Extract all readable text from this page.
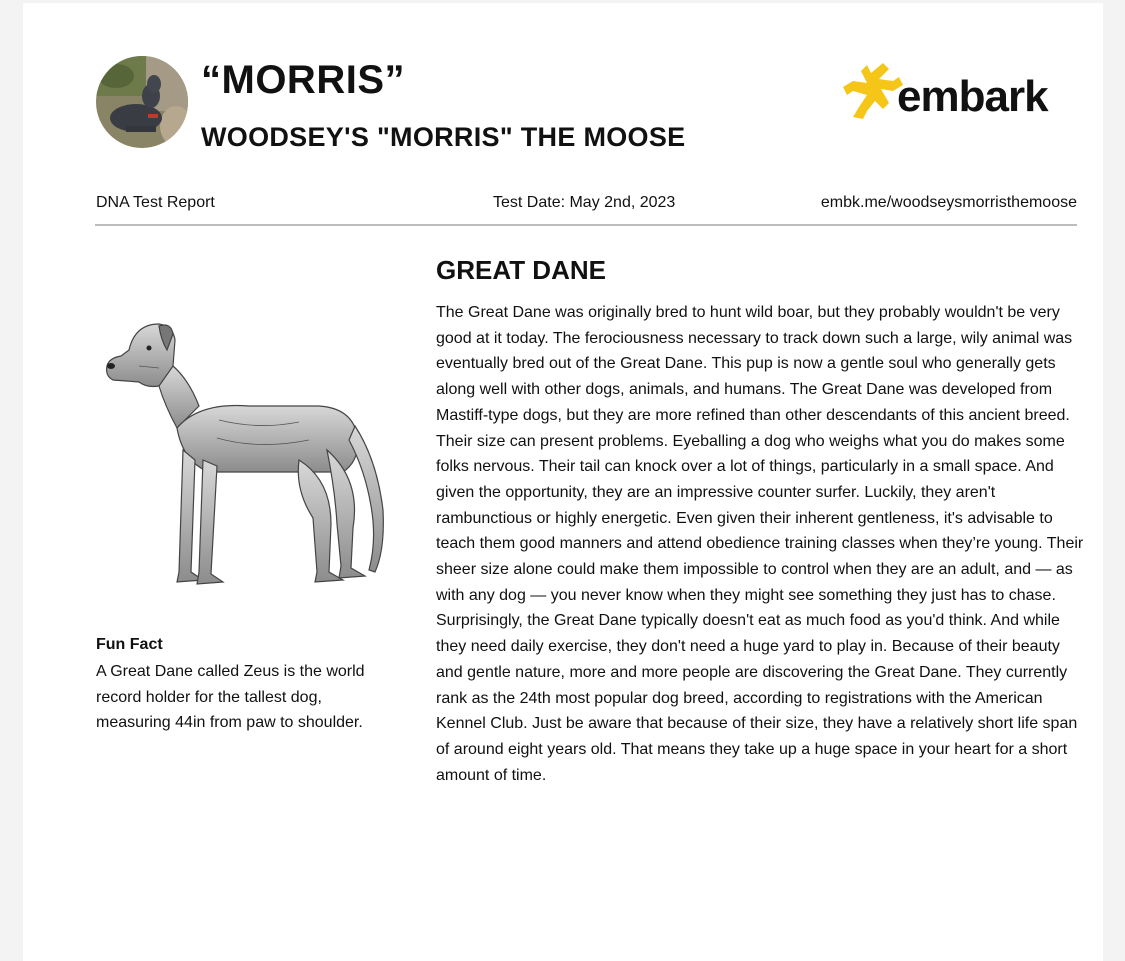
“MORRIS”
WOODSEY'S "MORRIS" THE MOOSE
embark
DNA Test Report	Test Date: May 2nd, 2023	embk.me/woodseysmorristhemoose
Fun Fact
A Great Dane called Zeus is the world record holder for the tallest dog, measuring 44in from paw to shoulder.
GREAT DANE
The Great Dane was originally bred to hunt wild boar, but they probably wouldn't be very good at it today. The ferociousness necessary to track down such a large, wily animal was eventually bred out of the Great Dane. This pup is now a gentle soul who generally gets along well with other dogs, animals, and humans. The Great Dane was developed from Mastiff-type dogs, but they are more refined than other descendants of this ancient breed. Their size can present problems. Eyeballing a dog who weighs what you do makes some folks nervous. Their tail can knock over a lot of things, particularly in a small space. And given the opportunity, they are an impressive counter surfer. Luckily, they aren't rambunctious or highly energetic. Even given their inherent gentleness, it's advisable to teach them good manners and attend obedience training classes when they’re young. Their sheer size alone could make them impossible to control when they are an adult, and — as with any dog — you never know when they might see something they just has to chase. Surprisingly, the Great Dane typically doesn't eat as much food as you'd think. And while they need daily exercise, they don't need a huge yard to play in. Because of their beauty and gentle nature, more and more people are discovering the Great Dane. They currently rank as the 24th most popular dog breed, according to registrations with the American Kennel Club. Just be aware that because of their size, they have a relatively short life span of around eight years old. That means they take up a huge space in your heart for a short amount of time.
